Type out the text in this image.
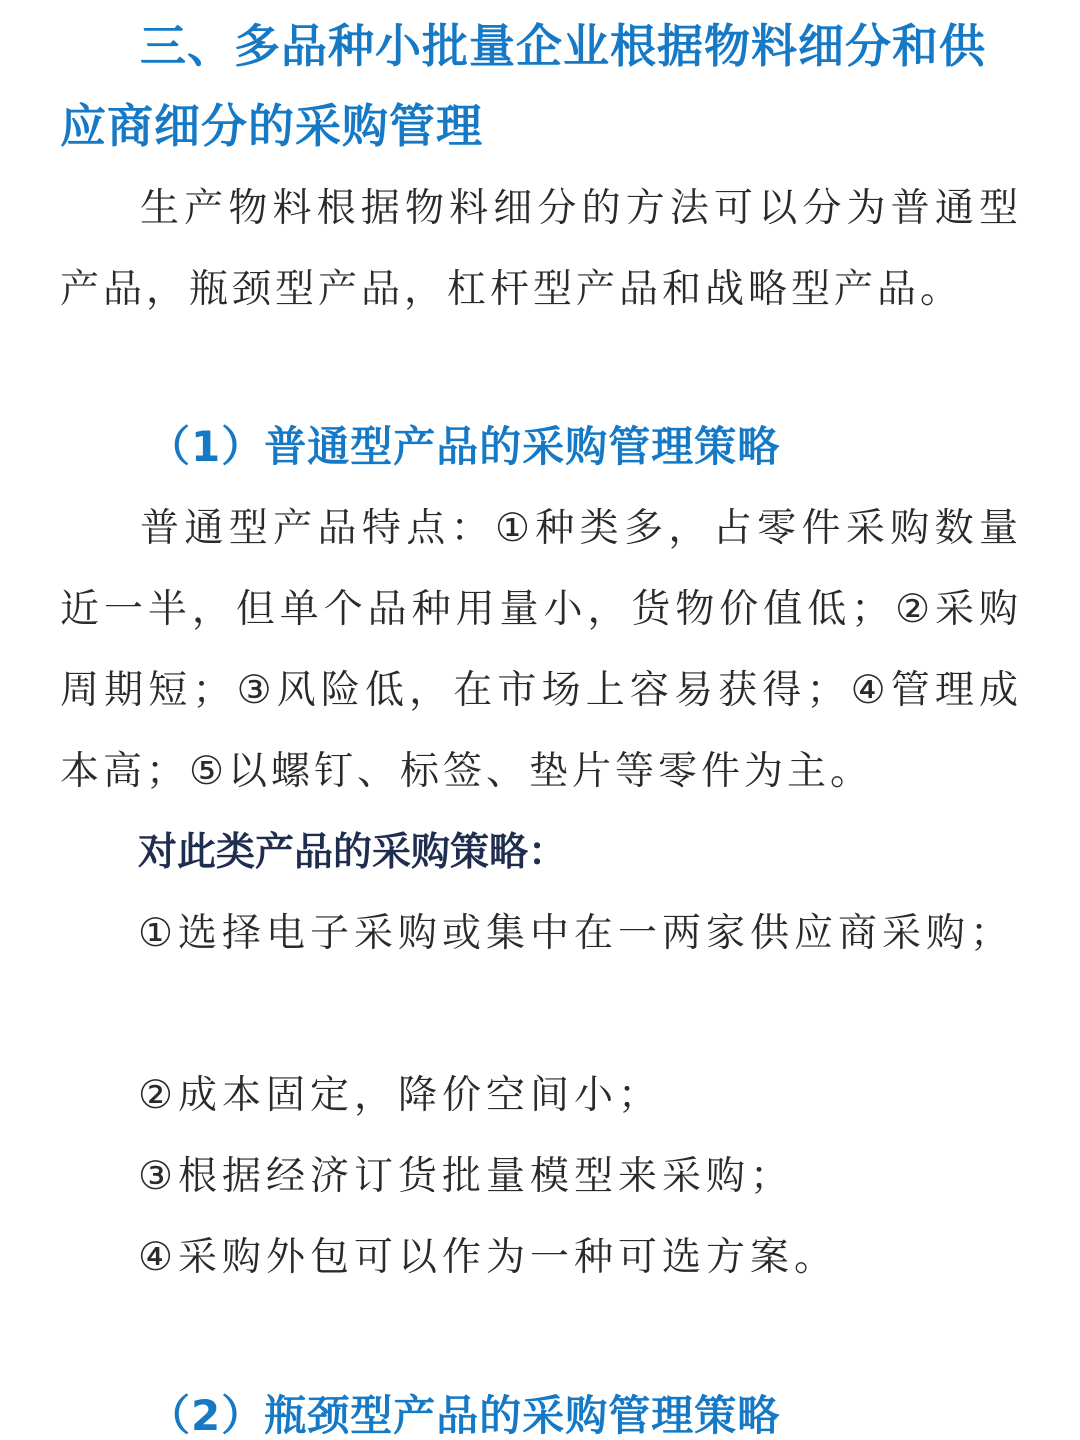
三、多品种小批量企业根据物料细分和供应商细分的采购管理

生产物料根据物料细分的方法可以分为普通型产品，瓶颈型产品，杠杆型产品和战略型产品。

（1）普通型产品的采购管理策略

普通型产品特点：①种类多，占零件采购数量近一半，但单个品种用量小，货物价值低；②采购周期短；③风险低，在市场上容易获得；④管理成本高；⑤以螺钉、标签、垫片等零件为主。

对此类产品的采购策略：

①选择电子采购或集中在一两家供应商采购；

②成本固定，降价空间小；

③根据经济订货批量模型来采购；

④采购外包可以作为一种可选方案。

（2）瓶颈型产品的采购管理策略
